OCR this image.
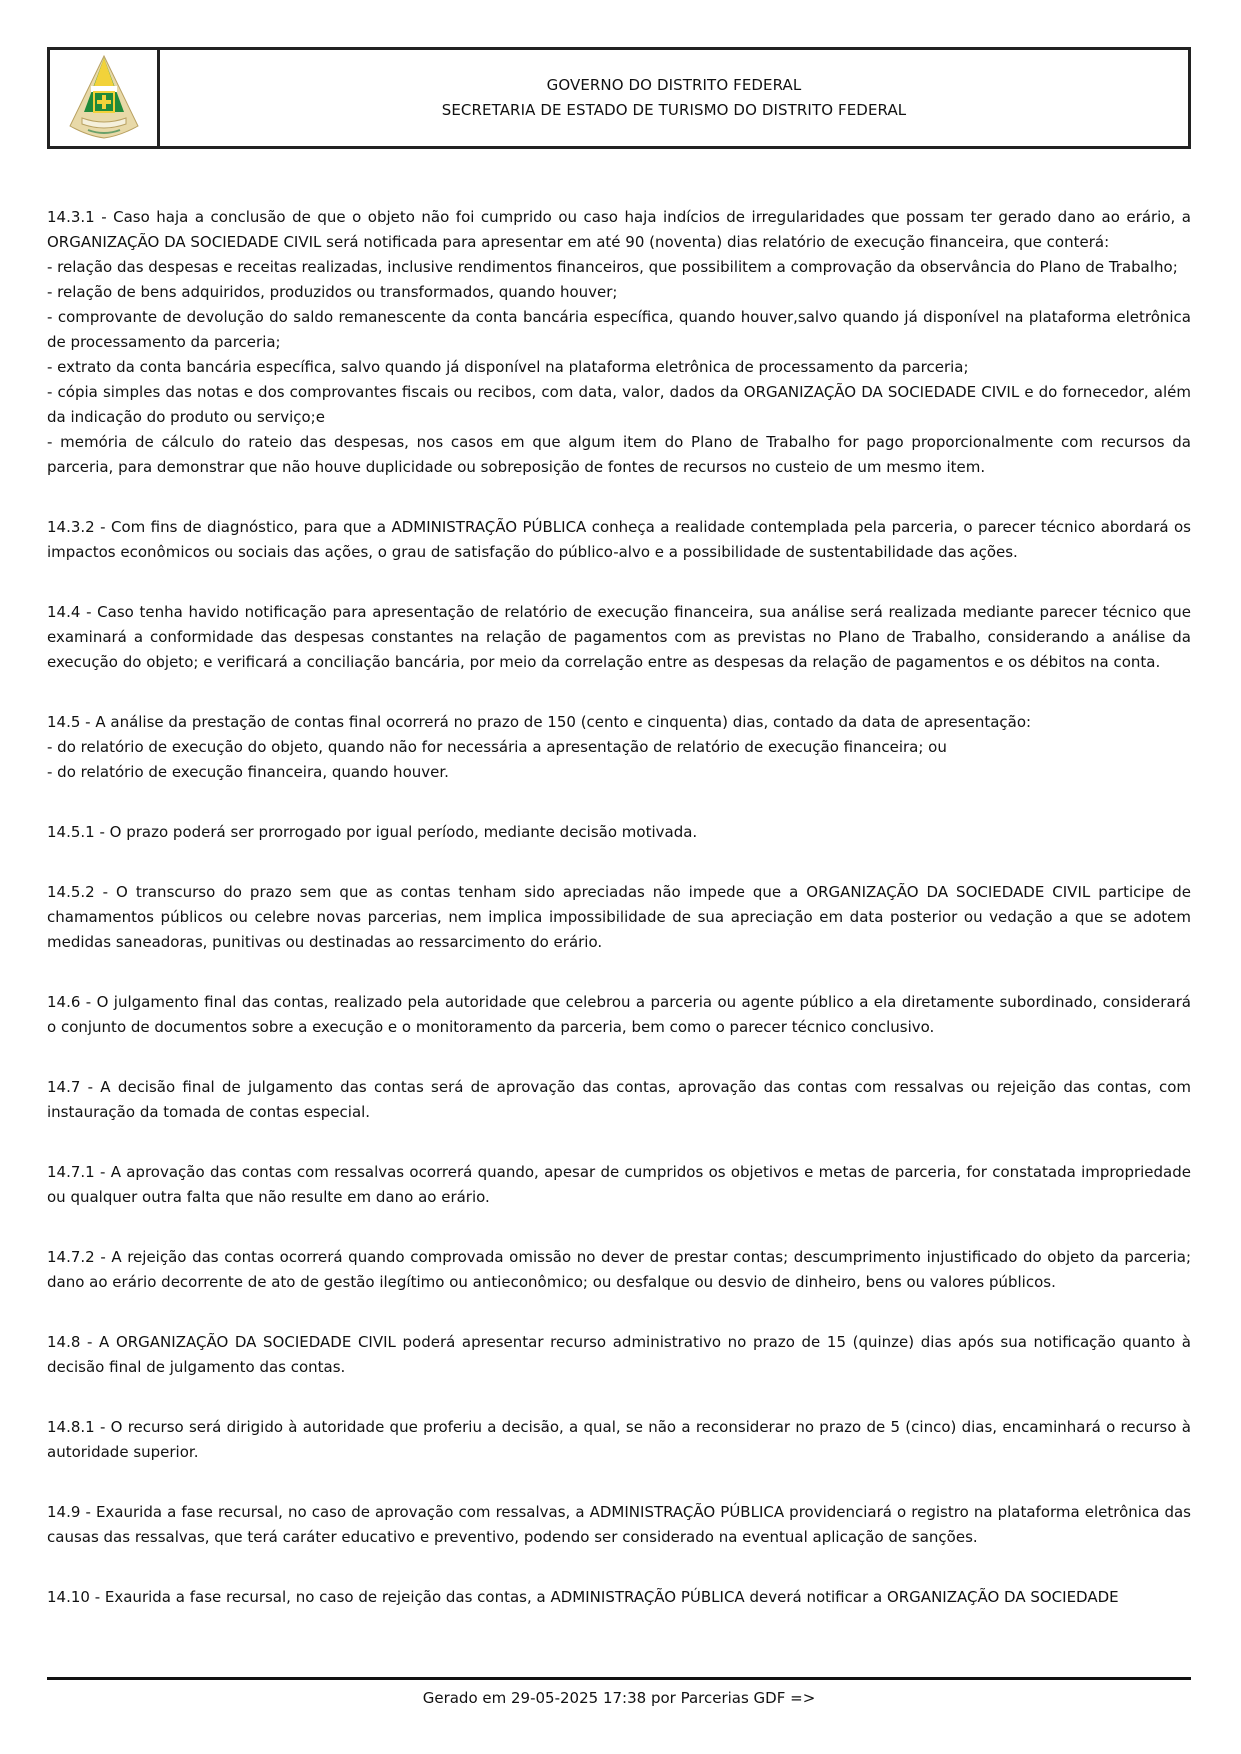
GOVERNO DO DISTRITO FEDERAL
SECRETARIA DE ESTADO DE TURISMO DO DISTRITO FEDERAL
14.3.1 - Caso haja a conclusão de que o objeto não foi cumprido ou caso haja indícios de irregularidades que possam ter gerado dano ao erário, a ORGANIZAÇÃO DA SOCIEDADE CIVIL será notificada para apresentar em até 90 (noventa) dias relatório de execução financeira, que conterá:
- relação das despesas e receitas realizadas, inclusive rendimentos financeiros, que possibilitem a comprovação da observância do Plano de Trabalho;
- relação de bens adquiridos, produzidos ou transformados, quando houver;
- comprovante de devolução do saldo remanescente da conta bancária específica, quando houver,salvo quando já disponível na plataforma eletrônica de processamento da parceria;
- extrato da conta bancária específica, salvo quando já disponível na plataforma eletrônica de processamento da parceria;
- cópia simples das notas e dos comprovantes fiscais ou recibos, com data, valor, dados da ORGANIZAÇÃO DA SOCIEDADE CIVIL e do fornecedor, além da indicação do produto ou serviço;e
- memória de cálculo do rateio das despesas, nos casos em que algum item do Plano de Trabalho for pago proporcionalmente com recursos da parceria, para demonstrar que não houve duplicidade ou sobreposição de fontes de recursos no custeio de um mesmo item.
14.3.2 - Com fins de diagnóstico, para que a ADMINISTRAÇÃO PÚBLICA conheça a realidade contemplada pela parceria, o parecer técnico abordará os impactos econômicos ou sociais das ações, o grau de satisfação do público-alvo e a possibilidade de sustentabilidade das ações.
14.4 - Caso tenha havido notificação para apresentação de relatório de execução financeira, sua análise será realizada mediante parecer técnico que examinará a conformidade das despesas constantes na relação de pagamentos com as previstas no Plano de Trabalho, considerando a análise da execução do objeto; e verificará a conciliação bancária, por meio da correlação entre as despesas da relação de pagamentos e os débitos na conta.
14.5 - A análise da prestação de contas final ocorrerá no prazo de 150 (cento e cinquenta) dias, contado da data de apresentação:
- do relatório de execução do objeto, quando não for necessária a apresentação de relatório de execução financeira; ou
- do relatório de execução financeira, quando houver.
14.5.1 - O prazo poderá ser prorrogado por igual período, mediante decisão motivada.
14.5.2 - O transcurso do prazo sem que as contas tenham sido apreciadas não impede que a ORGANIZAÇÃO DA SOCIEDADE CIVIL participe de chamamentos públicos ou celebre novas parcerias, nem implica impossibilidade de sua apreciação em data posterior ou vedação a que se adotem medidas saneadoras, punitivas ou destinadas ao ressarcimento do erário.
14.6 - O julgamento final das contas, realizado pela autoridade que celebrou a parceria ou agente público a ela diretamente subordinado, considerará o conjunto de documentos sobre a execução e o monitoramento da parceria, bem como o parecer técnico conclusivo.
14.7 - A decisão final de julgamento das contas será de aprovação das contas, aprovação das contas com ressalvas ou rejeição das contas, com instauração da tomada de contas especial.
14.7.1 - A aprovação das contas com ressalvas ocorrerá quando, apesar de cumpridos os objetivos e metas de parceria, for constatada impropriedade ou qualquer outra falta que não resulte em dano ao erário.
14.7.2 - A rejeição das contas ocorrerá quando comprovada omissão no dever de prestar contas; descumprimento injustificado do objeto da parceria; dano ao erário decorrente de ato de gestão ilegítimo ou antieconômico; ou desfalque ou desvio de dinheiro, bens ou valores públicos.
14.8 - A ORGANIZAÇÃO DA SOCIEDADE CIVIL poderá apresentar recurso administrativo no prazo de 15 (quinze) dias após sua notificação quanto à decisão final de julgamento das contas.
14.8.1 - O recurso será dirigido à autoridade que proferiu a decisão, a qual, se não a reconsiderar no prazo de 5 (cinco) dias, encaminhará o recurso à autoridade superior.
14.9 - Exaurida a fase recursal, no caso de aprovação com ressalvas, a ADMINISTRAÇÃO PÚBLICA providenciará o registro na plataforma eletrônica das causas das ressalvas, que terá caráter educativo e preventivo, podendo ser considerado na eventual aplicação de sanções.
14.10 - Exaurida a fase recursal, no caso de rejeição das contas, a ADMINISTRAÇÃO PÚBLICA deverá notificar a ORGANIZAÇÃO DA SOCIEDADE
Gerado em 29-05-2025 17:38 por Parcerias GDF =>
